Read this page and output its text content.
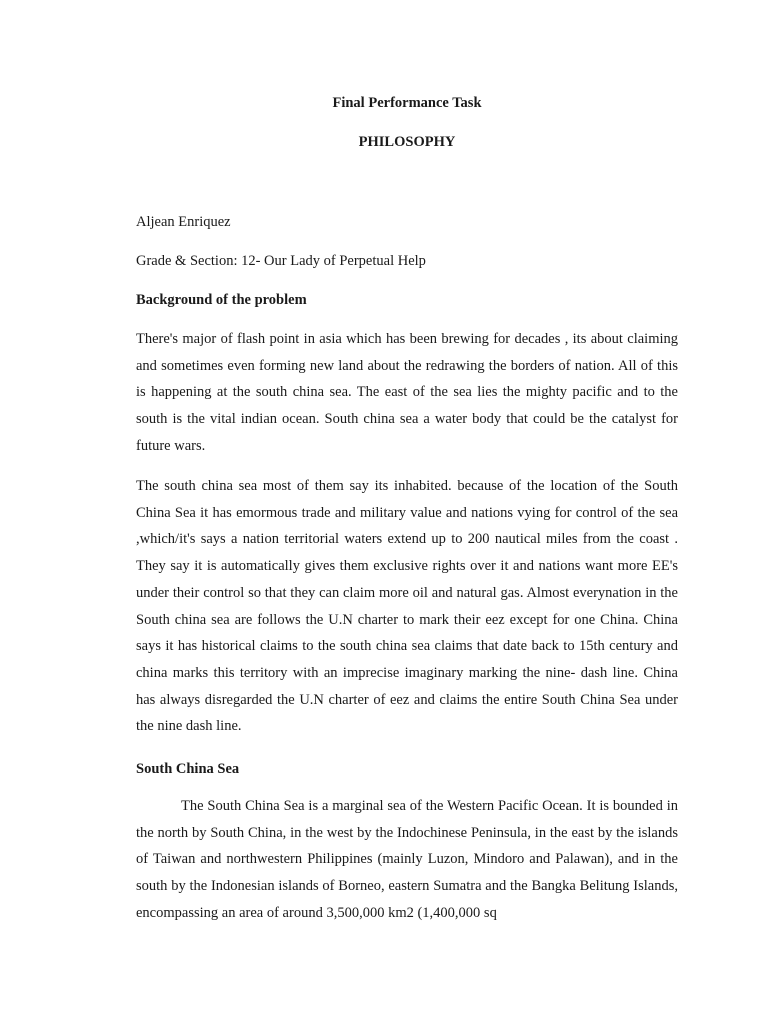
Final Performance Task
PHILOSOPHY
Aljean Enriquez
Grade & Section: 12- Our Lady of Perpetual Help
Background of the problem
There's major of flash point in asia which has been brewing for decades , its about claiming and sometimes even forming new land about the redrawing the borders of nation. All of this is happening at the south china sea. The east of the sea lies the mighty pacific and to the south is the vital indian ocean. South china sea a water body that could be the catalyst for future wars.
The south china sea most of them say its inhabited. because of the location of the South China Sea it has emormous trade and military value and nations vying for control of the sea ,which/it's says a nation territorial waters extend up to 200 nautical miles from the coast . They say it is automatically gives them exclusive rights over it and nations want more EE's under their control so that they can claim more oil and natural gas. Almost everynation in the South china sea are follows the U.N charter to mark their eez except for one China. China says it has historical claims to the south china sea claims that date back to 15th century and china marks this territory with an imprecise imaginary marking the nine- dash line. China has always disregarded the U.N charter of eez and claims the entire South China Sea under the nine dash line.
South China Sea
The South China Sea is a marginal sea of the Western Pacific Ocean. It is bounded in the north by South China, in the west by the Indochinese Peninsula, in the east by the islands of Taiwan and northwestern Philippines (mainly Luzon, Mindoro and Palawan), and in the south by the Indonesian islands of Borneo, eastern Sumatra and the Bangka Belitung Islands, encompassing an area of around 3,500,000 km2 (1,400,000 sq
